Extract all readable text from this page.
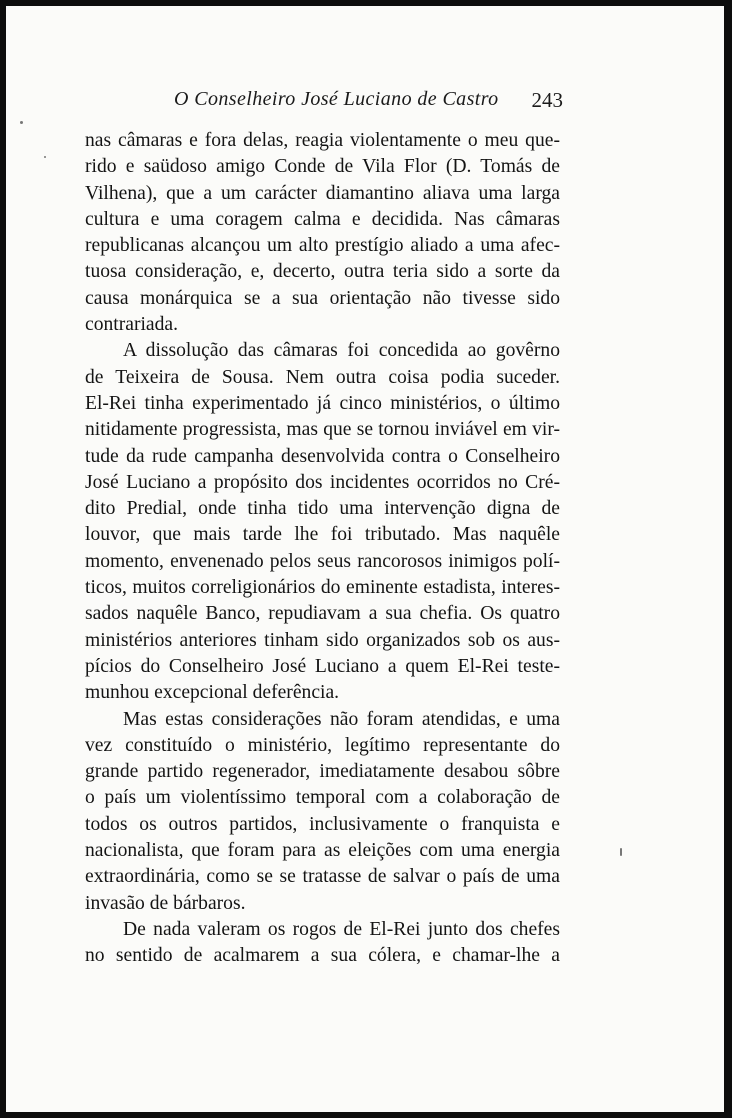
O Conselheiro José Luciano de Castro 243

nas câmaras e fora delas, reagia violentamente o meu que-
rido e saüdoso amigo Conde de Vila Flor (D. Tomás de
Vilhena), que a um carácter diamantino aliava uma larga
cultura e uma coragem calma e decidida. Nas câmaras
republicanas alcançou um alto prestígio aliado a uma afec-
tuosa consideração, e, decerto, outra teria sido a sorte da
causa monárquica se a sua orientação não tivesse sido
contrariada.

A dissolução das câmaras foi concedida ao govêrno
de Teixeira de Sousa. Nem outra coisa podia suceder.
El-Rei tinha experimentado já cinco ministérios, o último
nitidamente progressista, mas que se tornou inviável em vir-
tude da rude campanha desenvolvida contra o Conselheiro
José Luciano a propósito dos incidentes ocorridos no Cré-
dito Predial, onde tinha tido uma intervenção digna de
louvor, que mais tarde lhe foi tributado. Mas naquêle
momento, envenenado pelos seus rancorosos inimigos polí-
ticos, muitos correligionários do eminente estadista, interes-
sados naquêle Banco, repudiavam a sua chefia. Os quatro
ministérios anteriores tinham sido organizados sob os aus-
pícios do Conselheiro José Luciano a quem El-Rei teste-
munhou excepcional deferência.

Mas estas considerações não foram atendidas, e uma
vez constituído o ministério, legítimo representante do
grande partido regenerador, imediatamente desabou sôbre
o país um violentíssimo temporal com a colaboração de
todos os outros partidos, inclusivamente o franquista e
nacionalista, que foram para as eleições com uma energia
extraordinária, como se se tratasse de salvar o país de uma
invasão de bárbaros.

De nada valeram os rogos de El-Rei junto dos chefes
no sentido de acalmarem a sua cólera, e chamar-lhe a
